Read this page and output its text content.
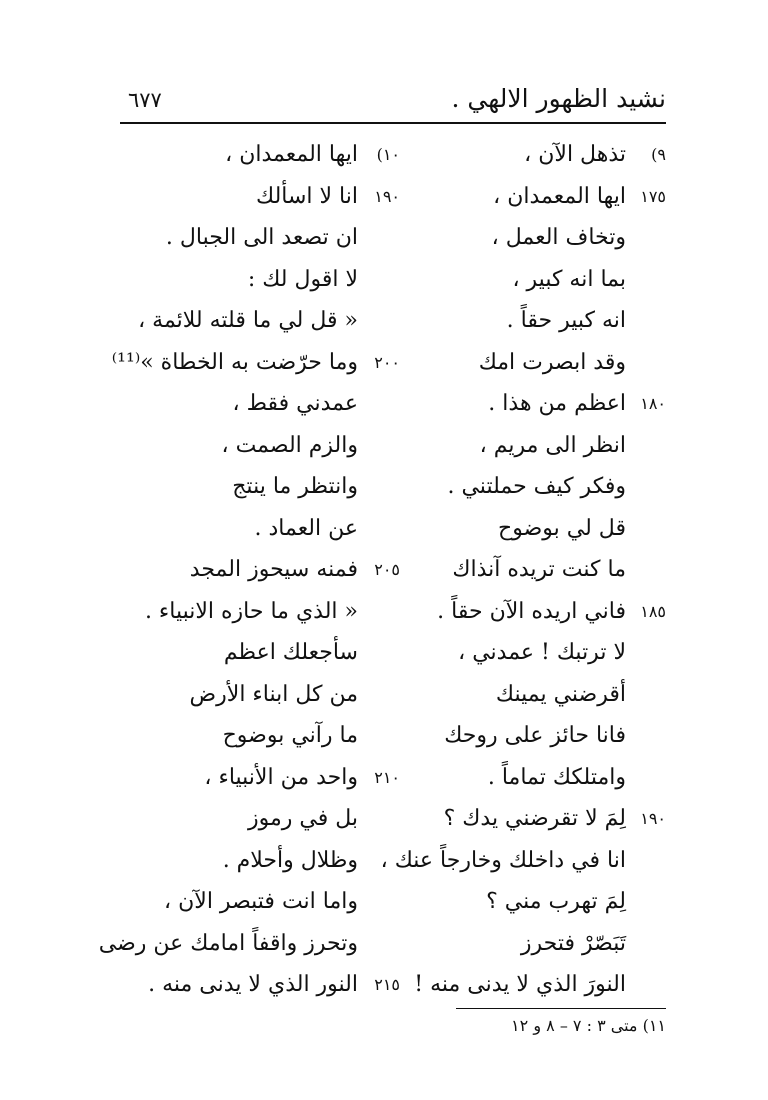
نشيد الظهور الالهي .
٦٧٧
٩)
تذهل الآن ،
١٠)
ايها المعمدان ،
١٧٥
ايها المعمدان ،
١٩٠
انا لا اسألك
وتخاف العمل ،
ان تصعد الى الجبال .
بما انه كبير ،
لا اقول لك :
انه كبير حقاً .
« قل لي ما قلته للائمة ،
وقد ابصرت امك
٢٠٠
وما حرّضت به الخطاة »⁽¹¹⁾
١٨٠
اعظم من هذا .
عمدني فقط ،
انظر الى مريم ،
والزم الصمت ،
وفكر كيف حملتني .
وانتظر ما ينتج
قل لي بوضوح
عن العماد .
ما كنت تريده آنذاك
٢٠٥
فمنه سيحوز المجد
١٨٥
فاني اريده الآن حقاً .
« الذي ما حازه الانبياء .
لا ترتبك ! عمدني ،
سأجعلك اعظم
أقرضني يمينك
من كل ابناء الأرض
فانا حائز على روحك
ما رآني بوضوح
وامتلكك تماماً .
٢١٠
واحد من الأنبياء ،
١٩٠
لِمَ لا تقرضني يدك ؟
بل في رموز
انا في داخلك وخارجاً عنك ،
وظلال وأحلام .
لِمَ تهرب مني ؟
واما انت فتبصر الآن ،
تَبَصّرْ فتحرز
وتحرز واقفاً امامك عن رضى
النورَ الذي لا يدنى منه !
٢١٥
النور الذي لا يدنى منه .
١١) متى ٣ : ٧ – ٨ و ١٢
